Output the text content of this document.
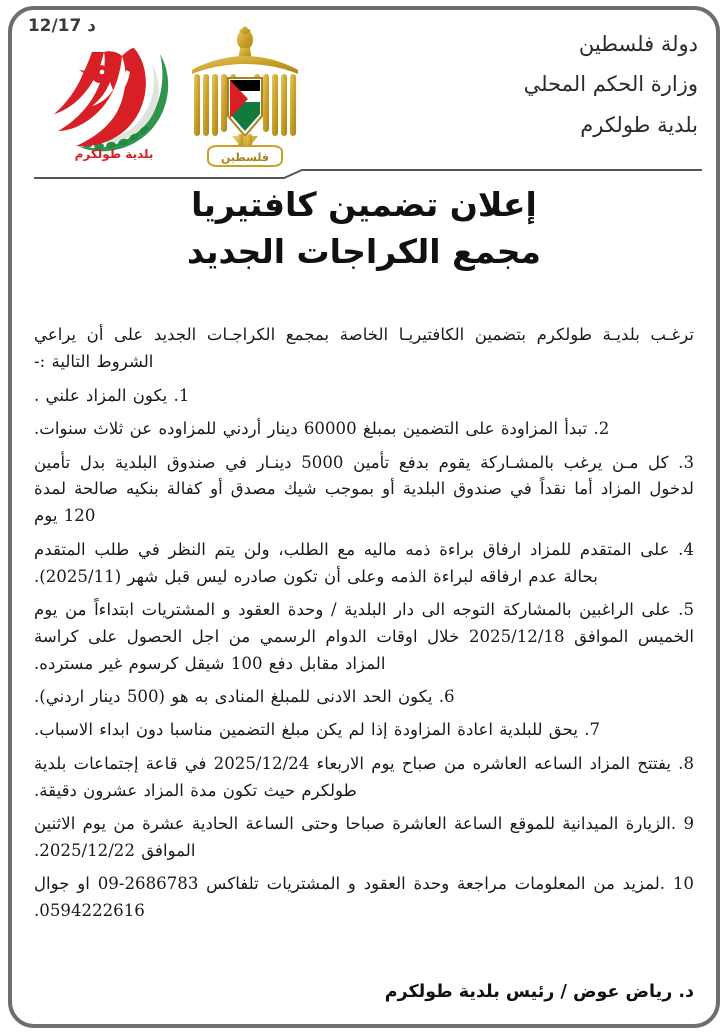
د 12/17
بلدية طولكرم	فلسطين
دولة فلسطين
وزارة الحكم المحلي
بلدية طولكرم
إعلان تضمين كافتيريا
مجمع الكراجات الجديد

ترغـب بلديـة طولكرم بتضمين الكافتيريـا الخاصة بمجمع الكراجـات الجديد على أن يراعي الشروط التالية :-

1. يكون المزاد علني .

2. تبدأ المزاودة على التضمين بمبلغ 60000 دينار أردني للمزاوده عن ثلاث سنوات.

3. كل مـن يرغب بالمشـاركة يقوم بدفع تأمين 5000 دينـار في صندوق البلدية بدل تأمين لدخول المزاد أما نقداً في صندوق البلدية أو بموجب شيك مصدق أو كفالة بنكيه صالحة لمدة 120 يوم

4. على المتقدم للمزاد ارفاق براءة ذمه ماليه مع الطلب، ولن يتم النظر في طلب المتقدم بحالة عدم ارفاقه لبراءة الذمه وعلى أن تكون صادره ليس قبل شهر (2025/11).

5. على الراغبين بالمشاركة التوجه الى دار البلدية / وحدة العقود و المشتريات ابتداءاً من يوم الخميس الموافق 2025/12/18 خلال اوقات الدوام الرسمي من اجل الحصول على كراسة المزاد مقابل دفع 100 شيقل كرسوم غير مسترده.

6. يكون الحد الادنى للمبلغ المنادى به هو (500 دينار اردني).

7. يحق للبلدية اعادة المزاودة إذا لم يكن مبلغ التضمين مناسبا دون ابداء الاسباب.

8. يفتتح المزاد الساعه العاشره من صباح يوم الاربعاء 2025/12/24 في قاعة إجتماعات بلدية طولكرم حيث تكون مدة المزاد عشرون دقيقة.

9 .الزيارة الميدانية للموقع الساعة العاشرة صباحا وحتى الساعة الحادية عشرة من يوم الاثنين الموافق 2025/12/22.

10 .لمزيد من المعلومات مراجعة وحدة العقود و المشتريات تلفاكس 2686783-09 او جوال 0594222616.

د. رياض عوض / رئيس بلدية طولكرم
